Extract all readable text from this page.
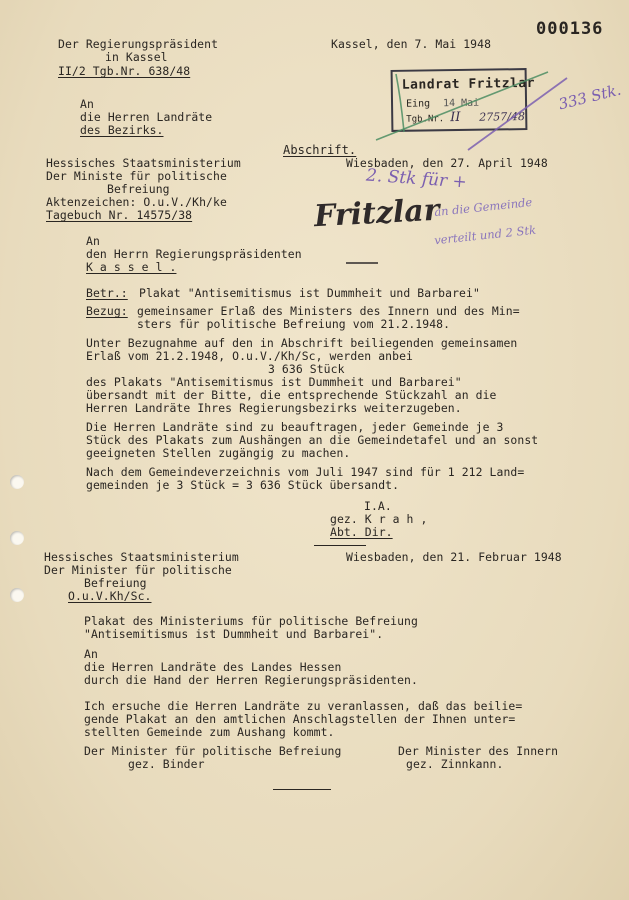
000136
Der Regierungspräsident
in Kassel
II/2 Tgb.Nr. 638/48
Kassel, den 7. Mai 1948
An
die Herren Landräte
des Bezirks.
Landrat Fritzlar
Eing 14 Mai
Tgb.Nr. II 2757/48
333 Stk.
Abschrift.
Wiesbaden, den 27. April 1948
Hessisches Staatsministerium
Der Ministe für politische
Befreiung
Aktenzeichen: O.u.V./Kh/ke
Tagebuch Nr. 14575/38
2. Stk für +
Fritzlar
an die Gemeinde
verteilt und 2 Stk
An
den Herrn Regierungspräsidenten
K a s s e l .
Betr.: Plakat "Antisemitismus ist Dummheit und Barbarei"
Bezug: gemeinsamer Erlaß des Ministers des Innern und des Min=
sters für politische Befreiung vom 21.2.1948.
Unter Bezugnahme auf den in Abschrift beiliegenden gemeinsamen
Erlaß vom 21.2.1948, O.u.V./Kh/Sc, werden anbei
3 636 Stück
des Plakats "Antisemitismus ist Dummheit und Barbarei"
übersandt mit der Bitte, die entsprechende Stückzahl an die
Herren Landräte Ihres Regierungsbezirks weiterzugeben.
Die Herren Landräte sind zu beauftragen, jeder Gemeinde je 3
Stück des Plakats zum Aushängen an die Gemeindetafel und an sonst
geeigneten Stellen zugängig zu machen.
Nach dem Gemeindeverzeichnis vom Juli 1947 sind für 1 212 Land=
gemeinden je 3 Stück = 3 636 Stück übersandt.
I.A.
gez. K r a h ,
Abt. Dir.
Hessisches Staatsministerium
Der Minister für politische
Befreiung
O.u.V.Kh/Sc.
Wiesbaden, den 21. Februar 1948
Plakat des Ministeriums für politische Befreiung
"Antisemitismus ist Dummheit und Barbarei".
An
die Herren Landräte des Landes Hessen
durch die Hand der Herren Regierungspräsidenten.
Ich ersuche die Herren Landräte zu veranlassen, daß das beilie=
gende Plakat an den amtlichen Anschlagstellen der Ihnen unter=
stellten Gemeinde zum Aushang kommt.
Der Minister für politische Befreiung
gez. Binder
Der Minister des Innern
gez. Zinnkann.
